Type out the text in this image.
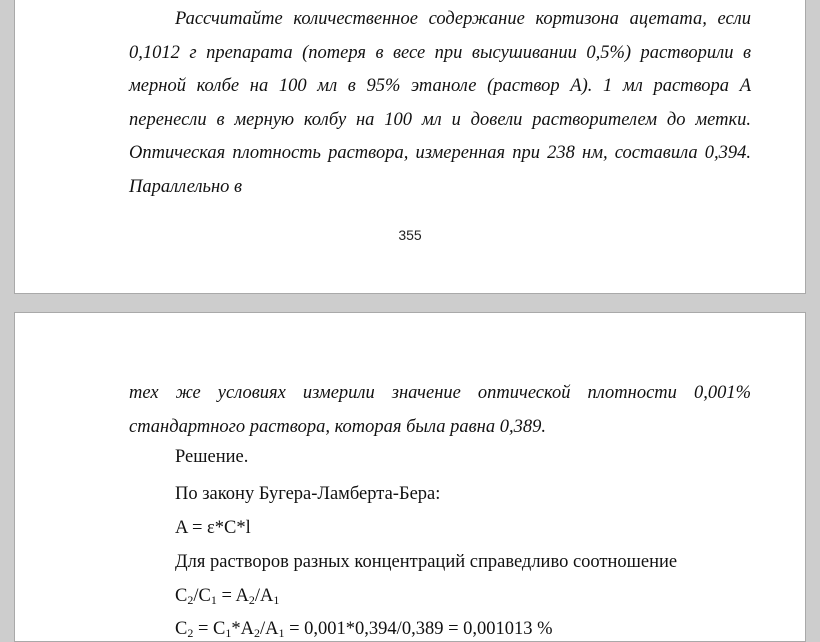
Рассчитайте количественное содержание кортизона ацетата, если 0,1012 г препарата (потеря в весе при высушивании 0,5%) растворили в мерной колбе на 100 мл в 95% этаноле (раствор А). 1 мл раствора А перенесли в мерную колбу на 100 мл и довели растворителем до метки. Оптическая плотность раствора, измеренная при 238 нм, составила 0,394. Параллельно в

355

тех же условиях измерили значение оптической плотности 0,001% стандартного раствора, которая была равна 0,389.

Решение.

По закону Бугера-Ламберта-Бера:

A = ε*C*l

Для растворов разных концентраций справедливо соотношение

$C_2/C_1 = A_2/A_1$

$C_2 = C_1*A_2/A_1 = 0,001*0,394/0,389 = 0,001013$ %
